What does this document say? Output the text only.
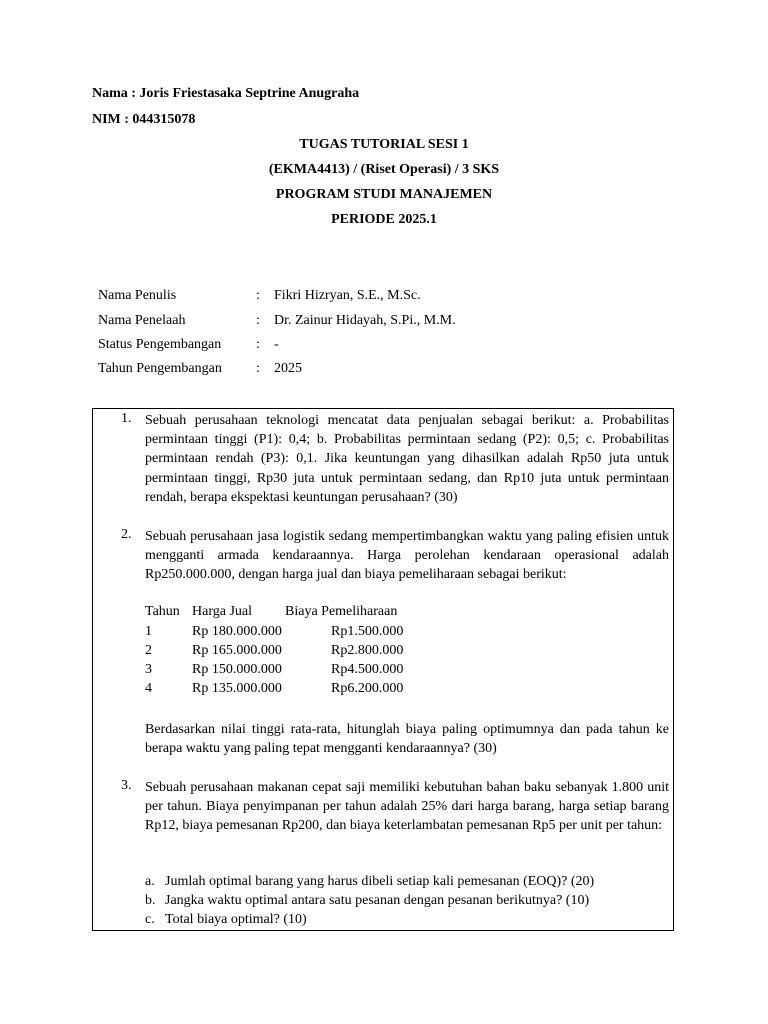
Nama : Joris Friestasaka Septrine Anugraha
NIM : 044315078
TUGAS TUTORIAL SESI 1
(EKMA4413) / (Riset Operasi) / 3 SKS
PROGRAM STUDI MANAJEMEN
PERIODE 2025.1
Nama Penulis	: Fikri Hizryan, S.E., M.Sc.
Nama Penelaah	: Dr. Zainur Hidayah, S.Pi., M.M.
Status Pengembangan : -
Tahun Pengembangan : 2025
1. Sebuah perusahaan teknologi mencatat data penjualan sebagai berikut: a. Probabilitas permintaan tinggi (P1): 0,4; b. Probabilitas permintaan sedang (P2): 0,5; c. Probabilitas permintaan rendah (P3): 0,1. Jika keuntungan yang dihasilkan adalah Rp50 juta untuk permintaan tinggi, Rp30 juta untuk permintaan sedang, dan Rp10 juta untuk permintaan rendah, berapa ekspektasi keuntungan perusahaan? (30)
2. Sebuah perusahaan jasa logistik sedang mempertimbangkan waktu yang paling efisien untuk mengganti armada kendaraannya. Harga perolehan kendaraan operasional adalah Rp250.000.000, dengan harga jual dan biaya pemeliharaan sebagai berikut:
Tahun Harga Jual Biaya Pemeliharaan
1	Rp 180.000.000	Rp1.500.000
2	Rp 165.000.000	Rp2.800.000
3	Rp 150.000.000	Rp4.500.000
4	Rp 135.000.000	Rp6.200.000
Berdasarkan nilai tinggi rata-rata, hitunglah biaya paling optimumnya dan pada tahun ke berapa waktu yang paling tepat mengganti kendaraannya? (30)
3. Sebuah perusahaan makanan cepat saji memiliki kebutuhan bahan baku sebanyak 1.800 unit per tahun. Biaya penyimpanan per tahun adalah 25% dari harga barang, harga setiap barang Rp12, biaya pemesanan Rp200, dan biaya keterlambatan pemesanan Rp5 per unit per tahun:
a. Jumlah optimal barang yang harus dibeli setiap kali pemesanan (EOQ)? (20)
b. Jangka waktu optimal antara satu pesanan dengan pesanan berikutnya? (10)
c. Total biaya optimal? (10)
